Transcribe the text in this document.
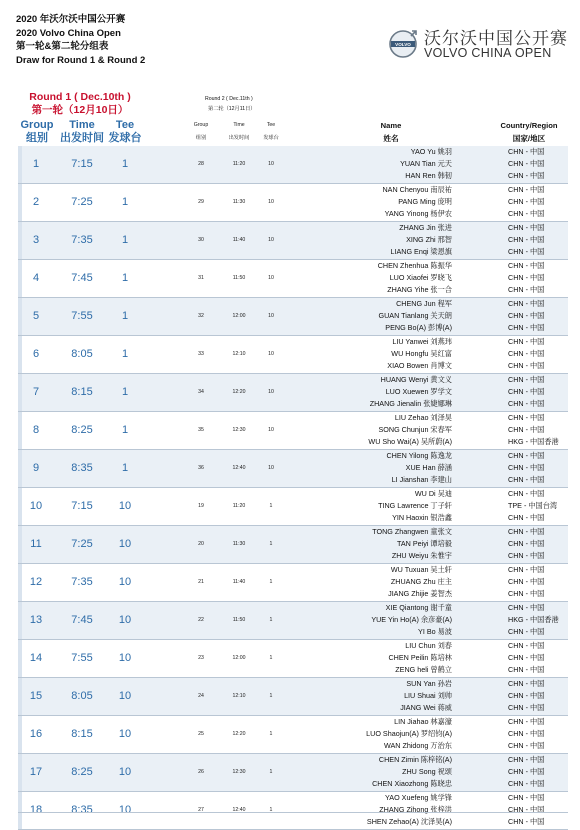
2020 年沃尔沃中国公开赛
2020 Volvo China Open
第一轮&第二轮分组表
Draw for Round 1 & Round 2
VOLVO 沃尔沃中国公开赛
VOLVO CHINA OPEN
Round 1 ( Dec.10th )
第一轮（12月10日）
Round 2 ( Dec.11th )
第二轮（12月11日）
Group
组别
Time
出发时间
Tee
发球台
Group
组别
Time
出发时间
Tee
发球台
Name
姓名
Country/Region
国家/地区
1	7:15	1	28	11:20	10
YAO Yu 姚羽	CHN - 中国
YUAN Tian 元天	CHN - 中国
HAN Ren 韩韧	CHN - 中国
2	7:25	1	29	11:30	10
NAN Chenyou 南辰祐	CHN - 中国
PANG Ming 庞明	CHN - 中国
YANG Yinong 杨伊农	CHN - 中国
3	7:35	1	30	11:40	10
ZHANG Jin 张进	CHN - 中国
XING Zhi 邢智	CHN - 中国
LIANG Enqi 梁恩旗	CHN - 中国
4	7:45	1	31	11:50	10
CHEN Zhenhua 陈振华	CHN - 中国
LUO Xiaofei 罗晓飞	CHN - 中国
ZHANG Yihe 张一合	CHN - 中国
5	7:55	1	32	12:00	10
CHENG Jun 程军	CHN - 中国
GUAN Tianlang 关天朗	CHN - 中国
PENG Bo(A) 彭博(A)	CHN - 中国
6	8:05	1	33	12:10	10
LIU Yanwei 刘燕玮	CHN - 中国
WU Hongfu 吴红富	CHN - 中国
XIAO Bowen 肖博文	CHN - 中国
7	8:15	1	34	12:20	10
HUANG Wenyi 黄文义	CHN - 中国
LUO Xuewen 罗学文	CHN - 中国
ZHANG Jienalin 张婕娜琳	CHN - 中国
8	8:25	1	35	12:30	10
LIU Zehao 刘泽昊	CHN - 中国
SONG Chunjun 宋春军	CHN - 中国
WU Sho Wai(A) 吴所蔚(A)	HKG - 中国香港
9	8:35	1	36	12:40	10
CHEN Yilong 陈逸龙	CHN - 中国
XUE Han 薛涵	CHN - 中国
LI Jianshan 李建山	CHN - 中国
10	7:15	10	19	11:20	1
WU Di 吴迪	CHN - 中国
TING Lawrence 丁子轩	TPE - 中国台湾
YIN Haoxin 银浩鑫	CHN - 中国
11	7:25	10	20	11:30	1
TONG Zhangwen 童张文	CHN - 中国
TAN Peiyi 谭培毅	CHN - 中国
ZHU Weiyu 朱惟宇	CHN - 中国
12	7:35	10	21	11:40	1
WU Tuxuan 吴土轩	CHN - 中国
ZHUANG Zhu 庄主	CHN - 中国
JIANG Zhijie 姜智杰	CHN - 中国
13	7:45	10	22	11:50	1
XIE Qiantong 谢千童	CHN - 中国
YUE Yin Ho(A) 余彦豪(A)	HKG - 中国香港
YI Bo 易波	CHN - 中国
14	7:55	10	23	12:00	1
LIU Chun 刘春	CHN - 中国
CHEN Peilin 陈培林	CHN - 中国
ZENG heli 曾鹤立	CHN - 中国
15	8:05	10	24	12:10	1
SUN Yan 孙岩	CHN - 中国
LIU Shuai 刘帅	CHN - 中国
JIANG Wei 蒋威	CHN - 中国
16	8:15	10	25	12:20	1
LIN Jiahao 林嘉濠	CHN - 中国
LUO Shaojun(A) 罗绍钧(A)	CHN - 中国
WAN Zhidong 万治东	CHN - 中国
17	8:25	10	26	12:30	1
CHEN Zimin 陈梓铭(A)	CHN - 中国
ZHU Song 祝颂	CHN - 中国
CHEN Xiaozhong 陈晓忠	CHN - 中国
18	8:35	10	27	12:40	1
YAO Xuefeng 姚学锋	CHN - 中国
ZHANG Zihong 张梓洪	CHN - 中国
SHEN Zehao(A) 沈泽昊(A)	CHN - 中国
